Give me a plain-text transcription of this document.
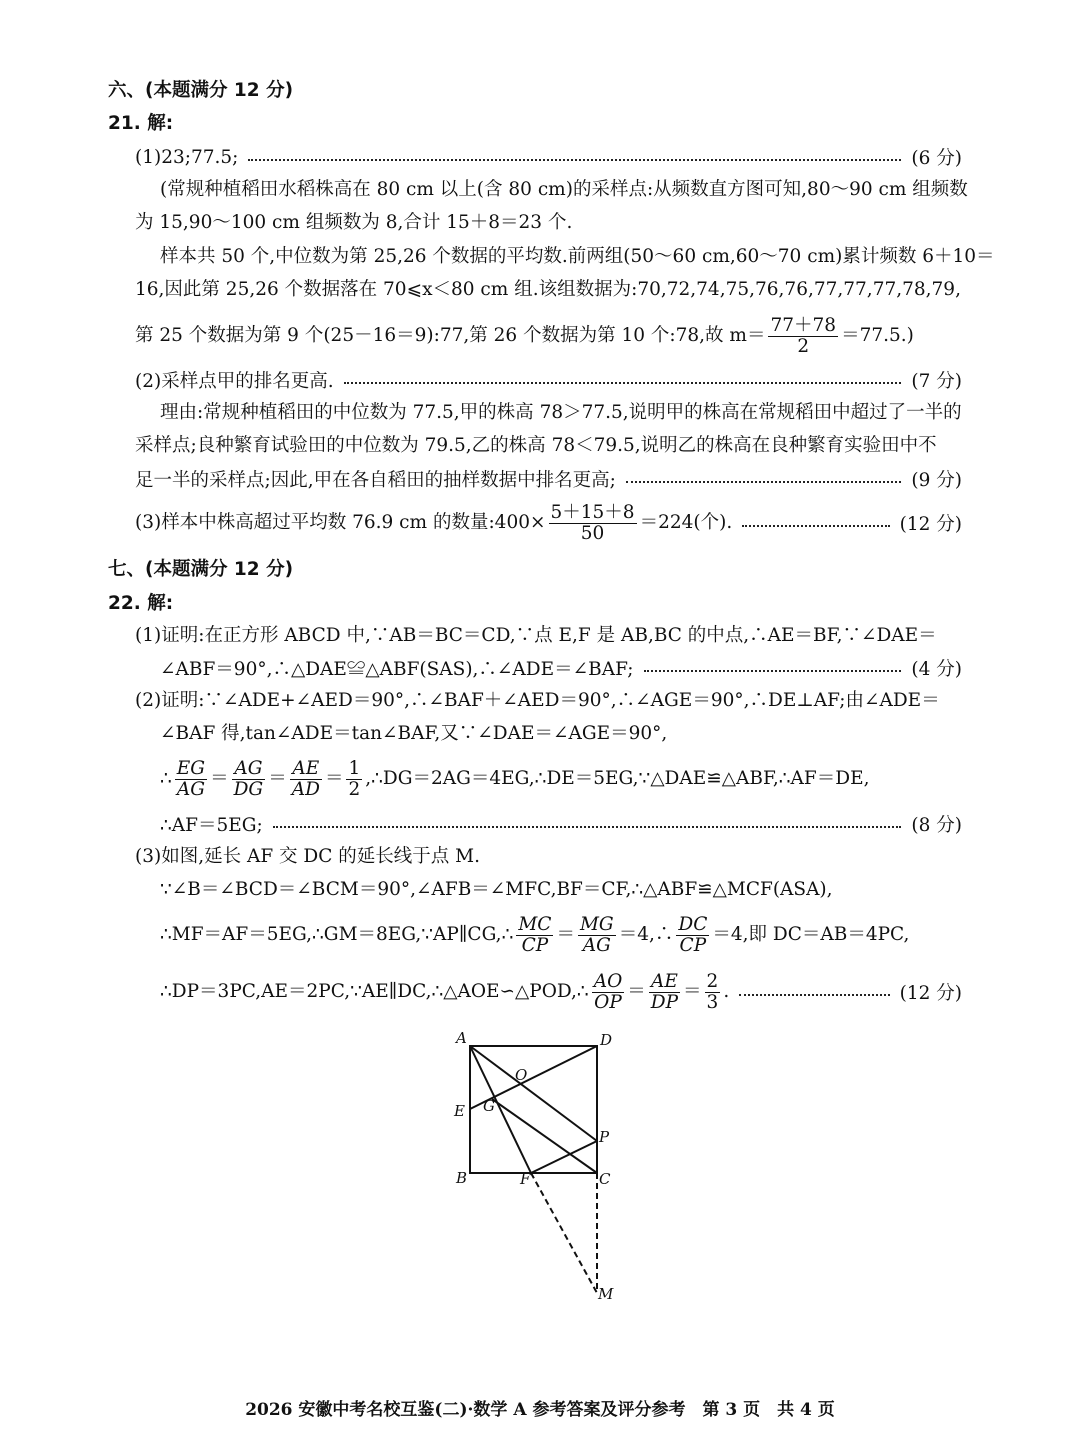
六、(本题满分 12 分)
21. 解:
(1)23;77.5;	(6 分)
(常规种植稻田水稻株高在 80 cm 以上(含 80 cm)的采样点:从频数直方图可知,80～90 cm 组频数
为 15,90～100 cm 组频数为 8,合计 15＋8＝23 个.
样本共 50 个,中位数为第 25,26 个数据的平均数.前两组(50～60 cm,60～70 cm)累计频数 6＋10＝
16,因此第 25,26 个数据落在 70⩽x＜80 cm 组.该组数据为:70,72,74,75,76,76,77,77,77,78,79,
第 25 个数据为第 9 个(25－16＝9):77,第 26 个数据为第 10 个:78,故 $m= \frac{77+78}{2} =77.5$.)
(2)采样点甲的排名更高.	(7 分)
理由:常规种植稻田的中位数为 77.5,甲的株高 78＞77.5,说明甲的株高在常规稻田中超过了一半的
采样点;良种繁育试验田的中位数为 79.5,乙的株高 78＜79.5,说明乙的株高在良种繁育实验田中不
足一半的采样点;因此,甲在各自稻田的抽样数据中排名更高;	(9 分)
(3)样本中株高超过平均数 76.9 cm 的数量:400× $\frac{5+15+8}{50} =224$(个).	(12 分)
七、(本题满分 12 分)
22. 解:
(1)证明:在正方形 ABCD 中,∵AB＝BC＝CD,∵点 E,F 是 AB,BC 的中点,∴AE＝BF,∵∠DAE＝
∠ABF＝90°,∴△DAE≌△ABF(SAS),∴∠ADE＝∠BAF;	(4 分)
(2)证明:∵∠ADE+∠AED＝90°,∴∠BAF＋∠AED＝90°,∴∠AGE＝90°,∴DE⊥AF;由∠ADE＝
∠BAF 得,tan∠ADE＝tan∠BAF,又∵∠DAE＝∠AGE＝90°,
∴ $\frac{EG}{AG} = \frac{AG}{DG} = \frac{AE}{AD} = \frac{1}{2}$ ,∴DG＝2AG＝4EG,∴DE＝5EG,∵△DAE≌△ABF,∴AF＝DE,
∴AF＝5EG;	(8 分)
(3)如图,延长 AF 交 DC 的延长线于点 M.
∵∠B＝∠BCD＝∠BCM＝90°,∠AFB＝∠MFC,BF＝CF,∴△ABF≌△MCF(ASA),
∴MF＝AF＝5EG,∴GM＝8EG,∵AP∥CG,∴ $\frac{MC}{CP} = \frac{MG}{AG}$ ＝4,∴ $\frac{DC}{CP} =4$,即 DC＝AB＝4PC,
∴DP＝3PC,AE＝2PC,∵AE∥DC,∴△AOE∽△POD,∴ $\frac{AO}{OP} = \frac{AE}{DP} = \frac{2}{3}$ .	(12 分)
A	D
O
E G
P
B	F	C
M
2026 安徽中考名校互鉴(二)·数学 A 参考答案及评分参考　第 3 页　共 4 页
